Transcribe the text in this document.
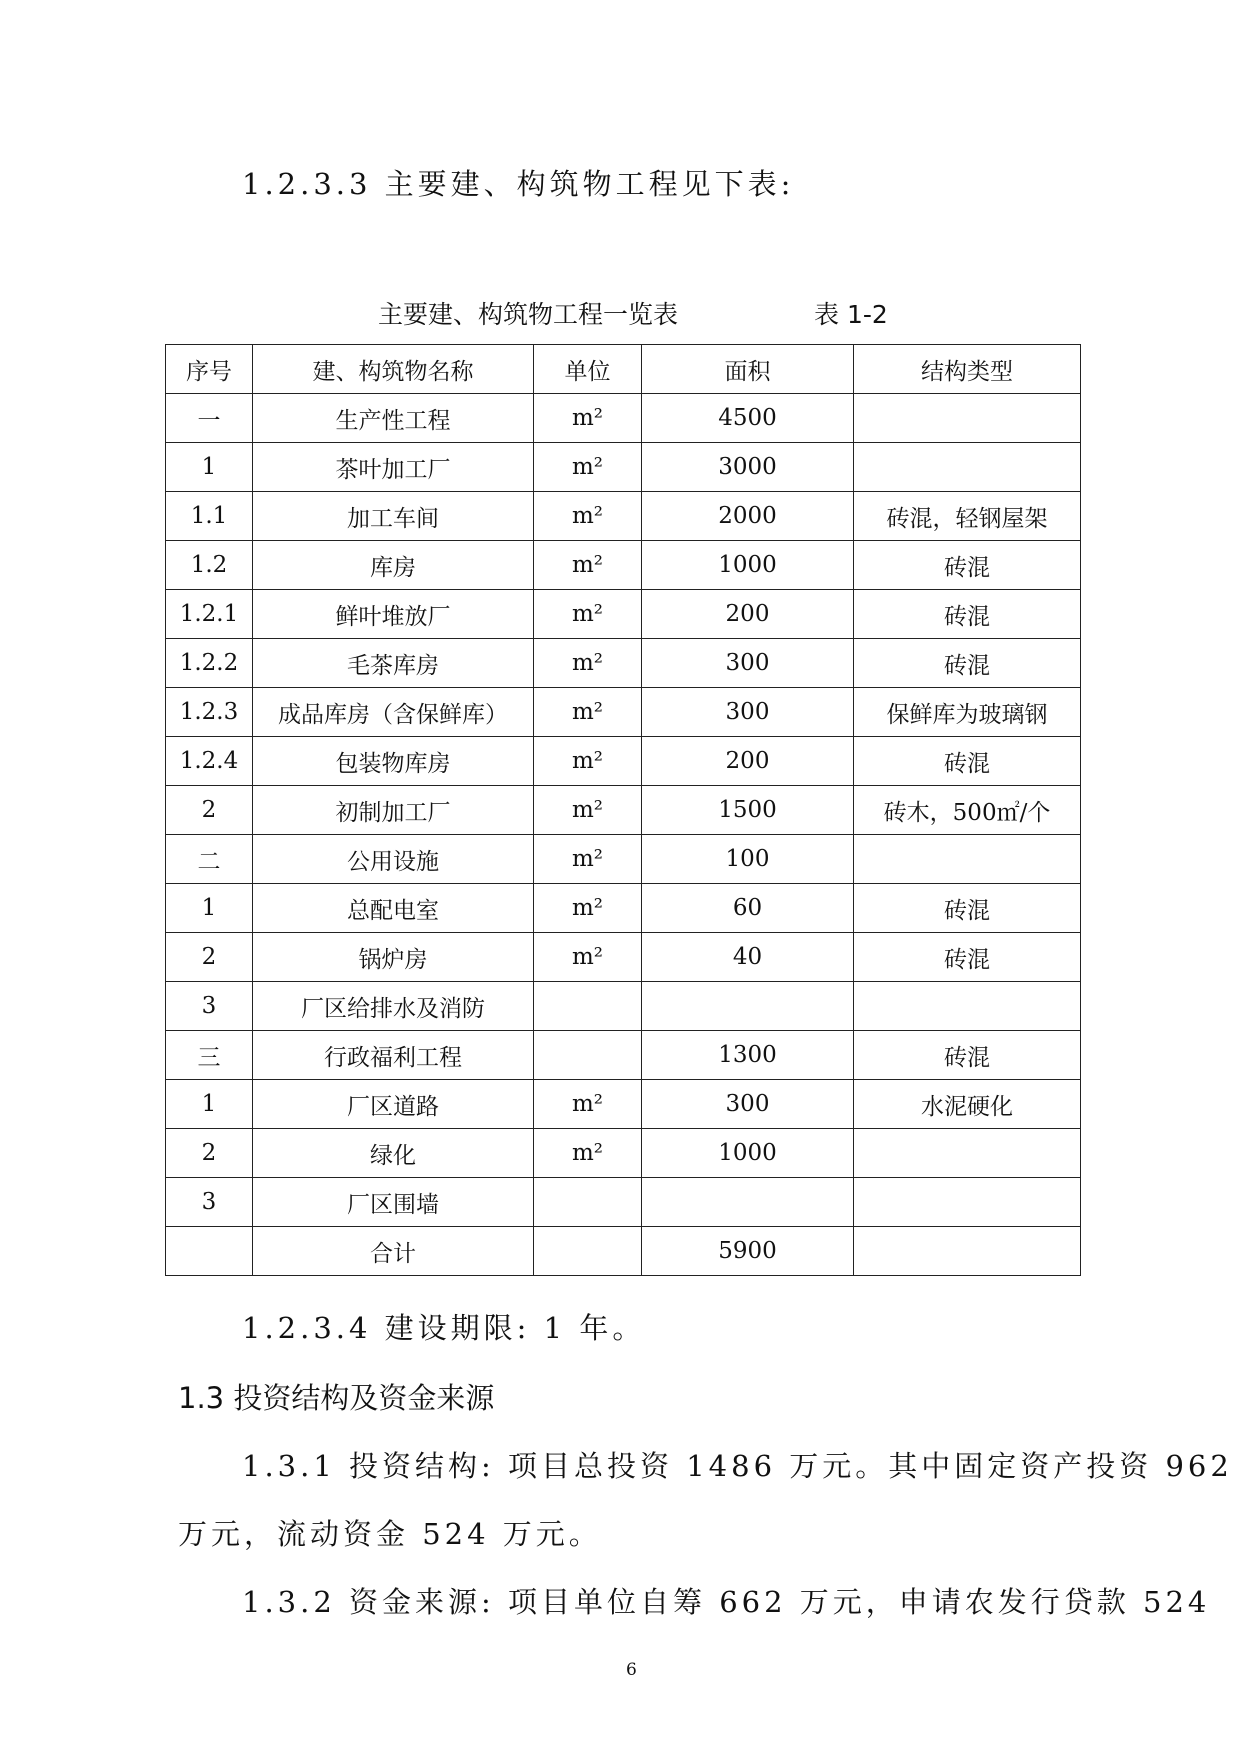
1.2.3.3 主要建、构筑物工程见下表:
主要建、构筑物工程一览表	表 1-2
序号	建、构筑物名称	单位	面积	结构类型
一	生产性工程	m²	4500	
1	茶叶加工厂	m²	3000	
1.1	加工车间	m²	2000	砖混，轻钢屋架
1.2	库房	m²	1000	砖混
1.2.1	鲜叶堆放厂	m²	200	砖混
1.2.2	毛茶库房	m²	300	砖混
1.2.3	成品库房（含保鲜库）	m²	300	保鲜库为玻璃钢
1.2.4	包装物库房	m²	200	砖混
2	初制加工厂	m²	1500	砖木，500㎡/个
二	公用设施	m²	100	
1	总配电室	m²	60	砖混
2	锅炉房	m²	40	砖混
3	厂区给排水及消防			
三	行政福利工程		1300	砖混
1	厂区道路	m²	300	水泥硬化
2	绿化	m²	1000	
3	厂区围墙			
	合计		5900	
1.2.3.4 建设期限: 1 年。
1.3 投资结构及资金来源
1.3.1 投资结构: 项目总投资 1486 万元。其中固定资产投资 962
万元，流动资金 524 万元。
1.3.2 资金来源: 项目单位自筹 662 万元，申请农发行贷款 524
6
